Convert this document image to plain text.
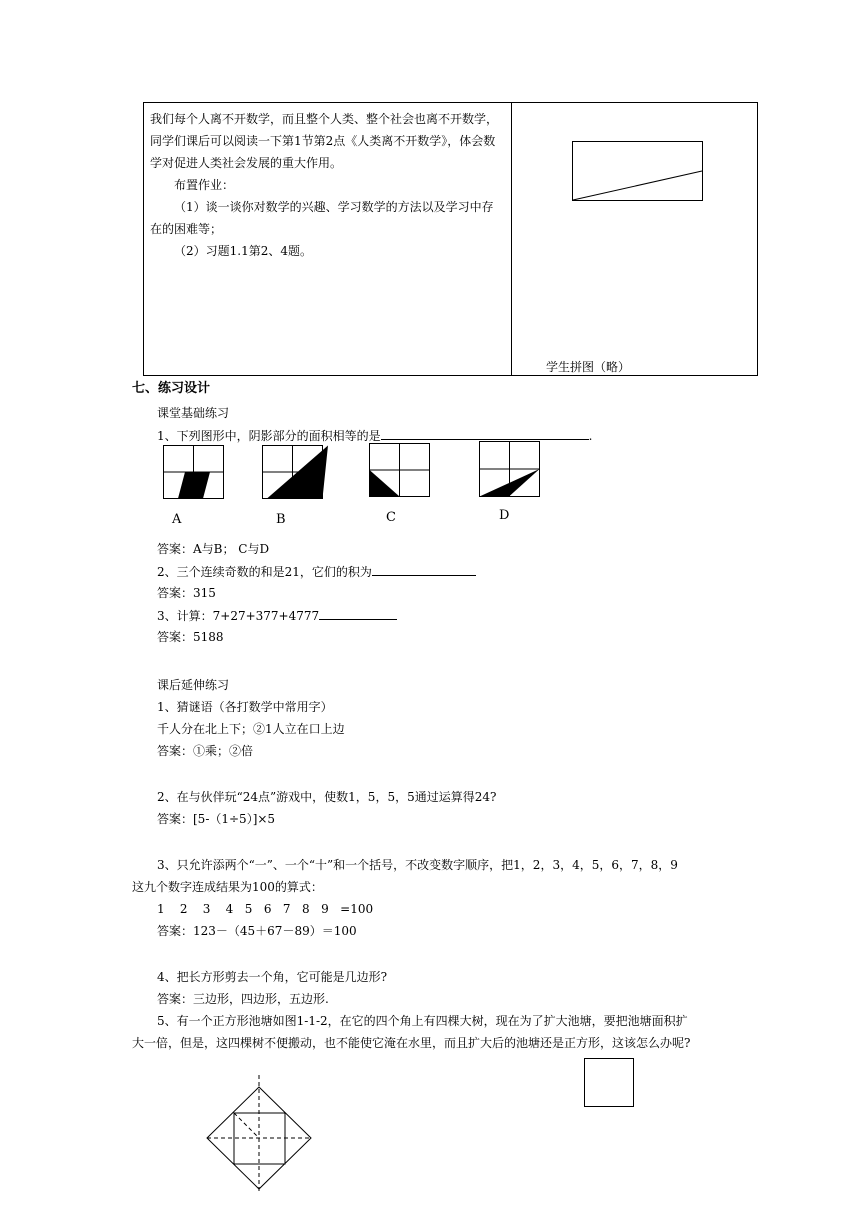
我们每个人离不开数学，而且整个人类、整个社会也离不开数学，同学们课后可以阅读一下第1节第2点《人类离不开数学》，体会数学对促进人类社会发展的重大作用。

布置作业：

（1）谈一谈你对数学的兴趣、学习数学的方法以及学习中存在的困难等；

（2）习题1.1第2、4题。

学生拼图（略）
七、练习设计
课堂基础练习
1、下列图形中，阴影部分的面积相等的是	.
A	B	C	D
答案：A与B； C与D
2、三个连续奇数的和是21，它们的积为
答案：315
3、计算：7+27+377+4777
答案：5188
课后延伸练习
1、猜谜语（各打数学中常用字）
千人分在北上下；②1人立在口上边
答案：①乘；②倍
2、在与伙伴玩“24点”游戏中，使数1，5，5，5通过运算得24?
答案：[5-（1÷5）]×5
3、只允许添两个“一”、一个“十”和一个括号，不改变数字顺序，把1，2，3，4，5，6，7，8，9
这九个数字连成结果为100的算式：
1    2    3    4   5   6   7   8   9   =100
答案：123－（45＋67－89）＝100
4、把长方形剪去一个角，它可能是几边形?
答案：三边形，四边形，五边形.
5、有一个正方形池塘如图1-1-2，在它的四个角上有四棵大树，现在为了扩大池塘，要把池塘面积扩
大一倍，但是，这四棵树不便搬动，也不能使它淹在水里，而且扩大后的池塘还是正方形，这该怎么办呢?
